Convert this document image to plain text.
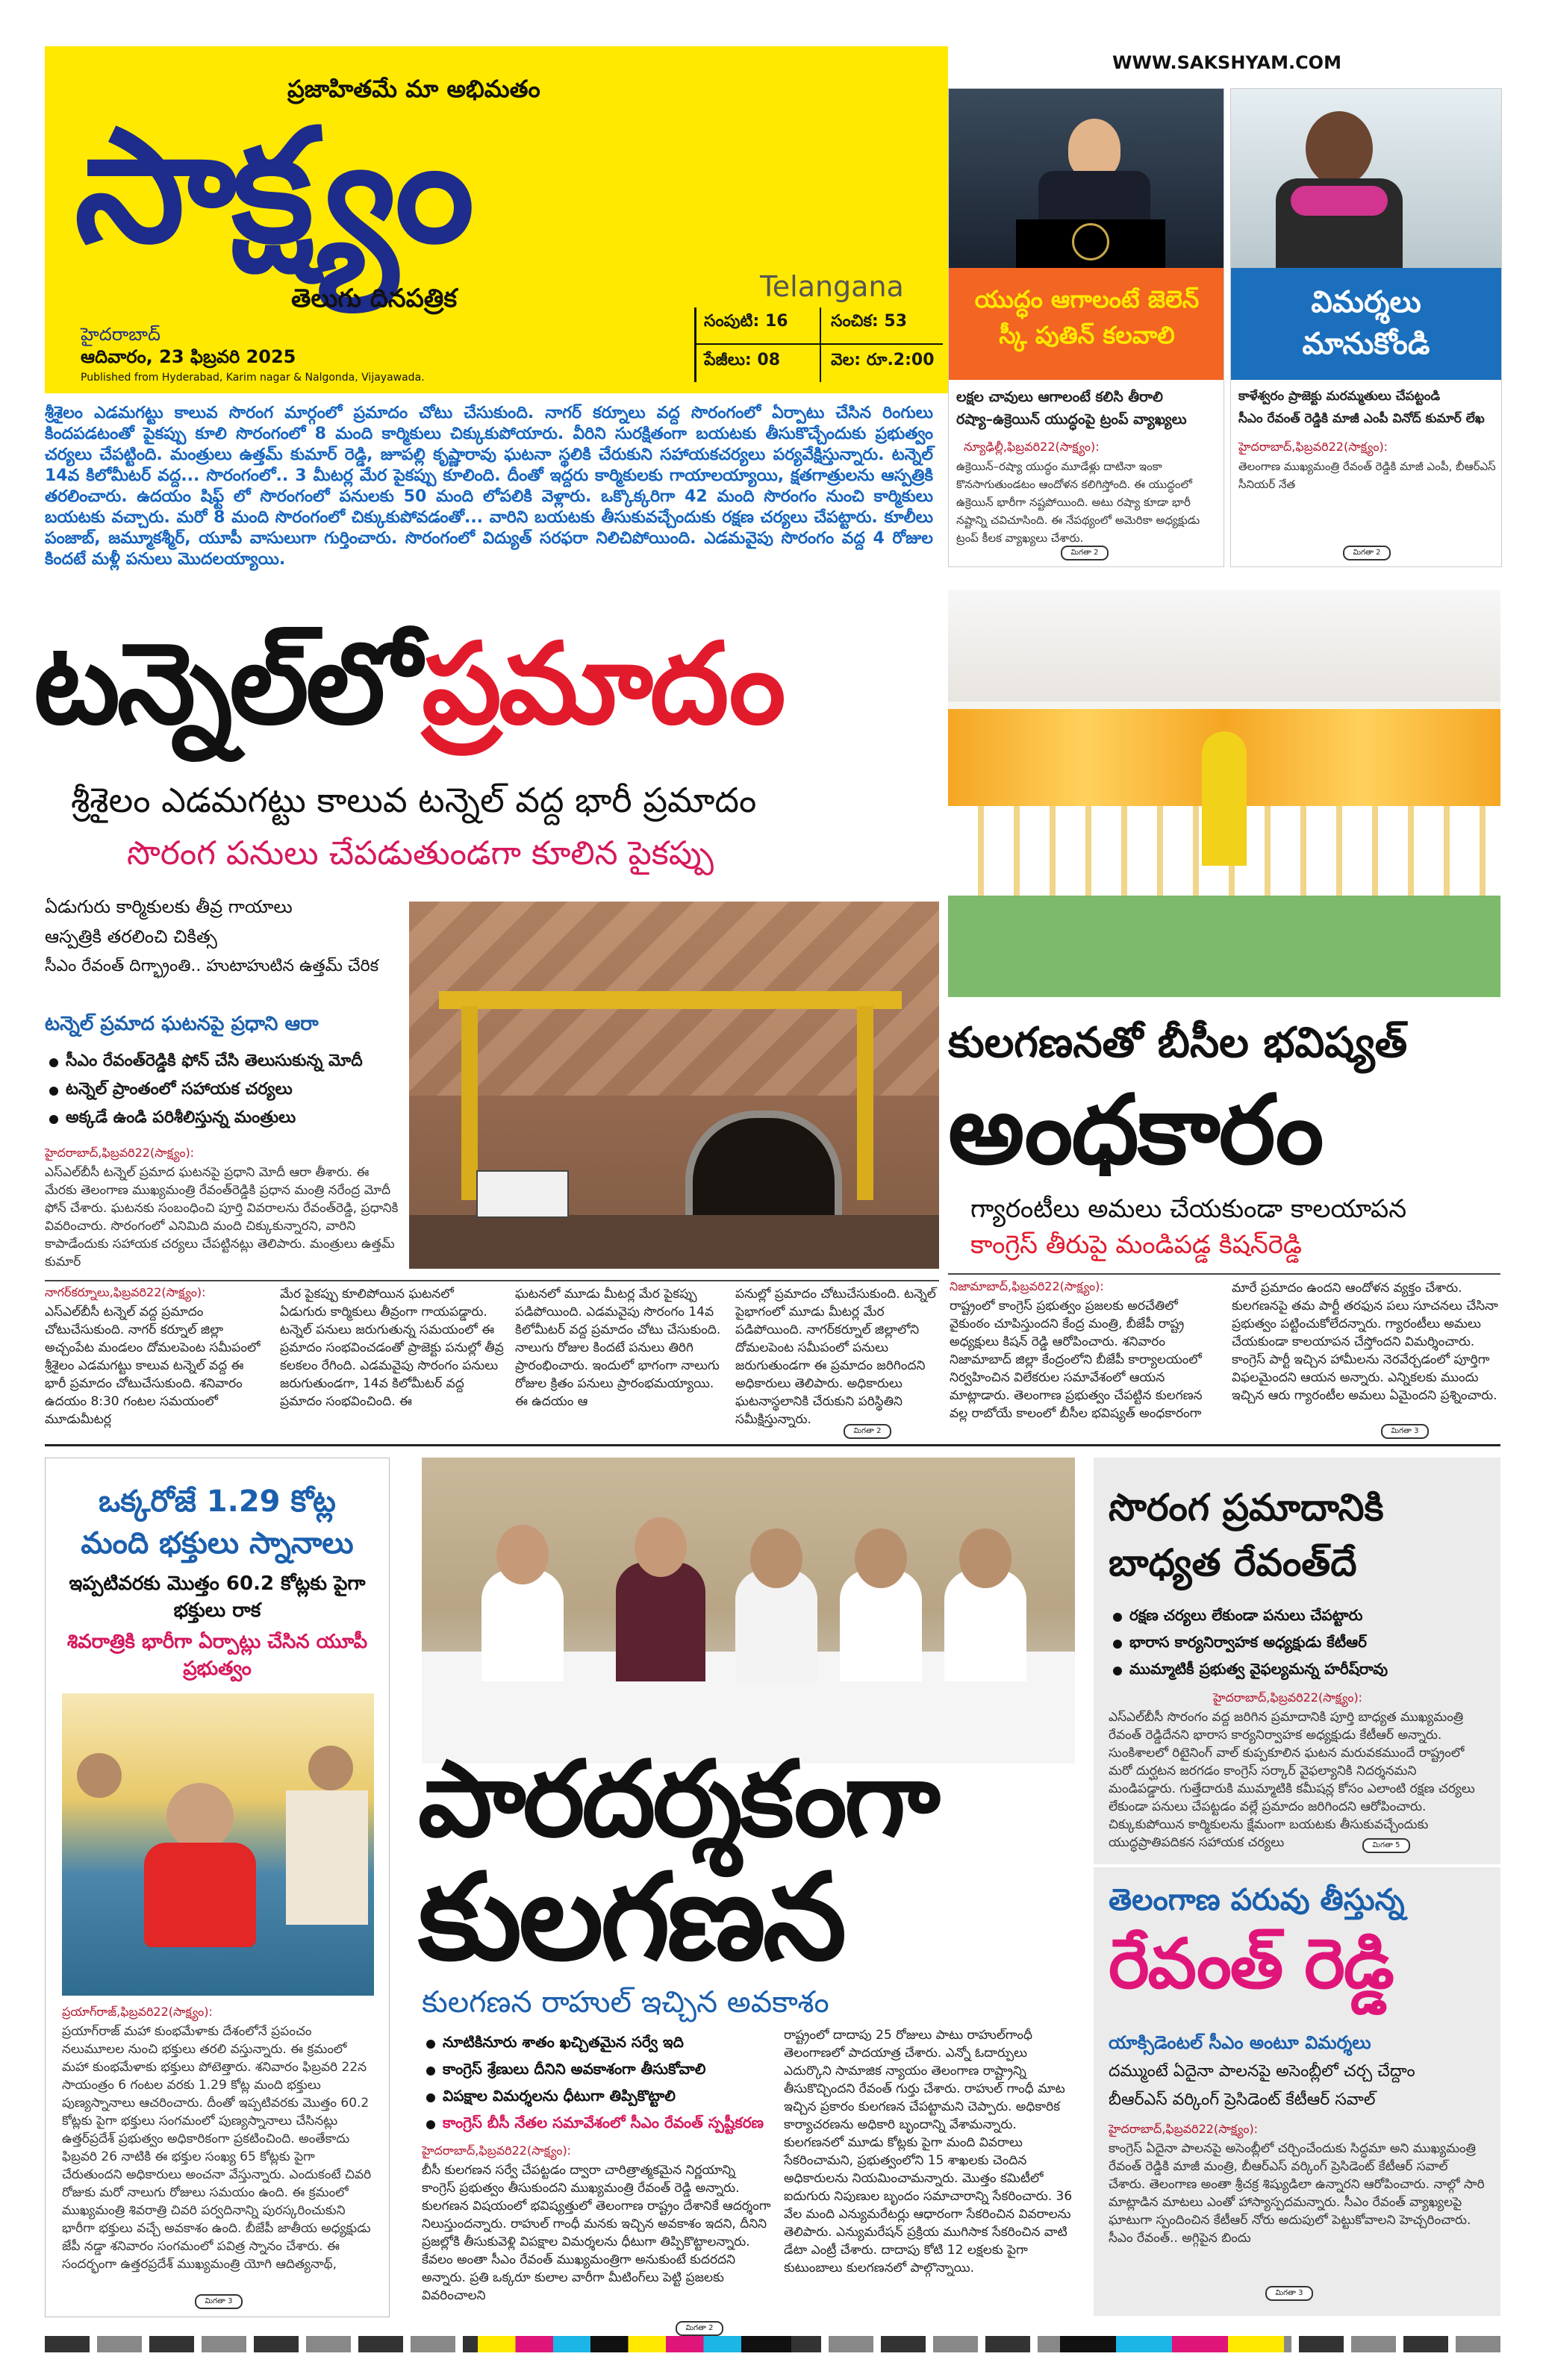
ప్రజాహితమే మా అభిమతం
సాక్ష్యం
తెలుగు దినపత్రిక	Telangana
హైదరాబాద్
ఆదివారం, 23 ఫిబ్రవరి 2025
Published from Hyderabad, Karim nagar & Nalgonda, Vijayawada.
సంపుటి: 16	సంచిక: 53
పేజీలు: 08	వెల: రూ.2:00
WWW.SAKSHYAM.COM
యుద్ధం ఆగాలంటే జెలెన్ స్కీ పుతిన్ కలవాలి
లక్షల చావులు ఆగాలంటే కలిసి తీరాలి
రష్యా–ఉక్రెయిన్ యుద్ధంపై ట్రంప్ వ్యాఖ్యలు
న్యూఢిల్లీ,ఫిబ్రవరి22(సాక్ష్యం):
ఉక్రెయిన్–రష్యా యుద్ధం మూడేళ్లు దాటినా ఇంకా కొనసాగుతుండటం ఆందోళన కలిగిస్తోంది. ఈ యుద్ధంలో ఉక్రెయిన్ భారీగా నష్టపోయింది. అటు రష్యా కూడా భారీ నష్టాన్ని చవిచూసింది. ఈ నేపథ్యంలో అమెరికా అధ్యక్షుడు ట్రంప్ కీలక వ్యాఖ్యలు చేశారు.
మిగతా 2
విమర్శలు మానుకోండి
కాళేశ్వరం ప్రాజెక్టు మరమ్మతులు చేపట్టండి
సీఎం రేవంత్ రెడ్డికి మాజీ ఎంపీ వినోద్ కుమార్ లేఖ
హైదరాబాద్,ఫిబ్రవరి22(సాక్ష్యం):
తెలంగాణ ముఖ్యమంత్రి రేవంత్ రెడ్డికి మాజీ ఎంపీ, బీఆర్ఎస్ సీనియర్ నేత
మిగతా 2
శ్రీశైలం ఎడమగట్టు కాలువ సొరంగ మార్గంలో ప్రమాదం చోటు చేసుకుంది. నాగర్ కర్నూలు వద్ద సొరంగంలో ఏర్పాటు చేసిన రింగులు కిందపడటంతో పైకప్పు కూలి సొరంగంలో 8 మంది కార్మికులు చిక్కుకుపోయారు. వీరిని సురక్షితంగా బయటకు తీసుకొచ్చేందుకు ప్రభుత్వం చర్యలు చేపట్టింది. మంత్రులు ఉత్తమ్ కుమార్ రెడ్డి, జూపల్లి కృష్ణారావు ఘటనా స్థలికి చేరుకుని సహాయకచర్యలు పర్యవేక్షిస్తున్నారు. టన్నెల్ 14వ కిలోమీటర్ వద్ద... సొరంగంలో.. 3 మీటర్ల మేర పైకప్పు కూలింది. దీంతో ఇద్దరు కార్మికులకు గాయాలయ్యాయి, క్షతగాత్రులను ఆస్పత్రికి తరలించారు. ఉదయం షిఫ్ట్ లో సొరంగంలో పనులకు 50 మంది లోపలికి వెళ్లారు. ఒక్కొక్కరిగా 42 మంది సొరంగం నుంచి కార్మికులు బయటకు వచ్చారు. మరో 8 మంది సొరంగంలో చిక్కుకుపోవడంతో... వారిని బయటకు తీసుకువచ్చేందుకు రక్షణ చర్యలు చేపట్టారు. కూలీలు పంజాబ్, జమ్మూకశ్మీర్, యూపీ వాసులుగా గుర్తించారు. సొరంగంలో విద్యుత్ సరఫరా నిలిచిపోయింది. ఎడమవైపు సొరంగం వద్ద 4 రోజుల కిందటే మళ్లీ పనులు మొదలయ్యాయి.
టన్నెల్‌లో ప్రమాదం
శ్రీశైలం ఎడమగట్టు కాలువ టన్నెల్ వద్ద భారీ ప్రమాదం
సొరంగ పనులు చేపడుతుండగా కూలిన పైకప్పు
ఏడుగురు కార్మికులకు తీవ్ర గాయాలు
ఆస్పత్రికి తరలించి చికిత్స
సీఎం రేవంత్ దిగ్భ్రాంతి.. హుటాహుటిన ఉత్తమ్ చేరిక
టన్నెల్ ప్రమాద ఘటనపై ప్రధాని ఆరా
సీఎం రేవంత్‌రెడ్డికి ఫోన్ చేసి తెలుసుకున్న మోదీ
టన్నెల్ ప్రాంతంలో సహాయక చర్యలు
అక్కడే ఉండి పరిశీలిస్తున్న మంత్రులు
హైదరాబాద్,ఫిబ్రవరి22(సాక్ష్యం):
ఎస్ఎల్‌బీసీ టన్నెల్ ప్రమాద ఘటనపై ప్రధాని మోదీ ఆరా తీశారు. ఈ మేరకు తెలంగాణ ముఖ్యమంత్రి రేవంత్‌రెడ్డికి ప్రధాన మంత్రి నరేంద్ర మోదీ ఫోన్ చేశారు. ఘటనకు సంబంధించి పూర్తి వివరాలను రేవంత్‌రెడ్డి, ప్రధానికి వివరించారు. సొరంగంలో ఎనిమిది మంది చిక్కుకున్నారని, వారిని కాపాడేందుకు సహాయక చర్యలు చేపట్టినట్లు తెలిపారు. మంత్రులు ఉత్తమ్ కుమార్
నాగర్‌కర్నూలు,ఫిబ్రవరి22(సాక్ష్యం):
ఎస్ఎల్‌బీసీ టన్నెల్ వద్ద ప్రమాదం చోటుచేసుకుంది. నాగర్ కర్నూల్ జిల్లా అచ్చంపేట మండలం దోమలపెంట సమీపంలో శ్రీశైలం ఎడమగట్టు కాలువ టన్నెల్ వద్ద ఈ భారీ ప్రమాదం చోటుచేసుకుంది. శనివారం ఉదయం 8:30 గంటల సమయంలో మూడుమీటర్ల
మేర పైకప్పు కూలిపోయిన ఘటనలో ఏడుగురు కార్మికులు తీవ్రంగా గాయపడ్డారు. టన్నెల్ పనులు జరుగుతున్న సమయంలో ఈ ప్రమాదం సంభవించడంతో ప్రాజెక్టు పనుల్లో తీవ్ర కలకలం రేగింది. ఎడమవైపు సొరంగం పనులు జరుగుతుండగా, 14వ కిలోమీటర్ వద్ద ప్రమాదం సంభవించింది. ఈ
ఘటనలో మూడు మీటర్ల మేర పైకప్పు పడిపోయింది. ఎడమవైపు సొరంగం 14వ కిలోమీటర్ వద్ద ప్రమాదం చోటు చేసుకుంది. నాలుగు రోజుల కిందటే పనులు తిరిగి ప్రారంభించారు. ఇందులో భాగంగా నాలుగు రోజుల క్రితం పనులు ప్రారంభమయ్యాయి. ఈ ఉదయం ఆ
పనుల్లో ప్రమాదం చోటుచేసుకుంది. టన్నెల్ పైభాగంలో మూడు మీటర్ల మేర పడిపోయింది. నాగర్‌కర్నూల్ జిల్లాలోని దోమలపెంట సమీపంలో పనులు జరుగుతుండగా ఈ ప్రమాదం జరిగిందని అధికారులు తెలిపారు. అధికారులు ఘటనాస్థలానికి చేరుకుని పరిస్థితిని సమీక్షిస్తున్నారు.
మిగతా 2
కులగణనతో బీసీల భవిష్యత్
అంధకారం
గ్యారంటీలు అమలు చేయకుండా కాలయాపన
కాంగ్రెస్ తీరుపై మండిపడ్డ కిషన్‌రెడ్డి
నిజామాబాద్,ఫిబ్రవరి22(సాక్ష్యం):
రాష్ట్రంలో కాంగ్రెస్ ప్రభుత్వం ప్రజలకు అరచేతిలో వైకుంఠం చూపిస్తుందని కేంద్ర మంత్రి, బీజేపీ రాష్ట్ర అధ్యక్షులు కిషన్ రెడ్డి ఆరోపించారు. శనివారం నిజామాబాద్ జిల్లా కేంద్రంలోని బీజేపీ కార్యాలయంలో నిర్వహించిన విలేకరుల సమావేశంలో ఆయన మాట్లాడారు. తెలంగాణ ప్రభుత్వం చేపట్టిన కులగణన వల్ల రాబోయే కాలంలో బీసీల భవిష్యత్ అంధకారంగా
మారే ప్రమాదం ఉందని ఆందోళన వ్యక్తం చేశారు. కులగణనపై తమ పార్టీ తరఫున పలు సూచనలు చేసినా ప్రభుత్వం పట్టించుకోలేదన్నారు. గ్యారంటీలు అమలు చేయకుండా కాలయాపన చేస్తోందని విమర్శించారు. కాంగ్రెస్ పార్టీ ఇచ్చిన హామీలను నెరవేర్చడంలో పూర్తిగా విఫలమైందని ఆయన అన్నారు. ఎన్నికలకు ముందు ఇచ్చిన ఆరు గ్యారంటీల అమలు ఏమైందని ప్రశ్నించారు.
మిగతా 3
ఒక్కరోజే 1.29 కోట్ల మంది భక్తులు స్నానాలు
ఇప్పటివరకు మొత్తం 60.2 కోట్లకు పైగా భక్తులు రాక
శివరాత్రికి భారీగా ఏర్పాట్లు చేసిన యూపీ ప్రభుత్వం
ప్రయాగ్‌రాజ్,ఫిబ్రవరి22(సాక్ష్యం):
ప్రయాగ్‌రాజ్ మహా కుంభమేళాకు దేశంలోనే ప్రపంచం నలుమూలల నుంచి భక్తులు తరలి వస్తున్నారు. ఈ క్రమంలో మహా కుంభమేళాకు భక్తులు పోటెత్తారు. శనివారం ఫిబ్రవరి 22న సాయంత్రం 6 గంటల వరకు 1.29 కోట్ల మంది భక్తులు పుణ్యస్నానాలు ఆచరించారు. దీంతో ఇప్పటివరకు మొత్తం 60.2 కోట్లకు పైగా భక్తులు సంగమంలో పుణ్యస్నానాలు చేసినట్లు ఉత్తర్‌ప్రదేశ్ ప్రభుత్వం అధికారికంగా ప్రకటించింది. అంతేకాదు ఫిబ్రవరి 26 నాటికి ఈ భక్తుల సంఖ్య 65 కోట్లకు పైగా చేరుతుందని అధికారులు అంచనా వేస్తున్నారు. ఎందుకంటే చివరి రోజుకు మరో నాలుగు రోజులు సమయం ఉంది. ఈ క్రమంలో ముఖ్యమంత్రి శివరాత్రి చివరి పర్వదినాన్ని పురస్కరించుకుని భారీగా భక్తులు వచ్చే అవకాశం ఉంది. బీజేపీ జాతీయ అధ్యక్షుడు జేపీ నడ్డా శనివారం సంగమంలో పవిత్ర స్నానం చేశారు. ఈ సందర్భంగా ఉత్తరప్రదేశ్ ముఖ్యమంత్రి యోగి ఆదిత్యనాథ్,
మిగతా 3
పారదర్శకంగా
కులగణన
కులగణన రాహుల్ ఇచ్చిన అవకాశం
నూటికినూరు శాతం ఖచ్చితమైన సర్వే ఇది
కాంగ్రెస్ శ్రేణులు దీనిని అవకాశంగా తీసుకోవాలి
విపక్షాల విమర్శలను ధీటుగా తిప్పికొట్టాలి
కాంగ్రెస్ బీసీ నేతల సమావేశంలో సీఎం రేవంత్ స్పష్టీకరణ
హైదరాబాద్,ఫిబ్రవరి22(సాక్ష్యం):
బీసీ కులగణన సర్వే చేపట్టడం ద్వారా చారిత్రాత్మకమైన నిర్ణయాన్ని కాంగ్రెస్ ప్రభుత్వం తీసుకుందని ముఖ్యమంత్రి రేవంత్ రెడ్డి అన్నారు. కులగణన విషయంలో భవిష్యత్తులో తెలంగాణ రాష్ట్రం దేశానికే ఆదర్శంగా నిలుస్తుందన్నారు. రాహుల్ గాంధీ మనకు ఇచ్చిన అవకాశం ఇదని, దీనిని ప్రజల్లోకి తీసుకువెళ్లి విపక్షాల విమర్శలను ధీటుగా తిప్పికొట్టాలన్నారు. కేవలం అంతా సీఎం రేవంత్ ముఖ్యమంత్రిగా అనుకుంటే కుదరదని అన్నారు. ప్రతి ఒక్కరూ కులాల వారీగా మీటింగ్‌లు పెట్టి ప్రజలకు వివరించాలని
మిగతా 2
రాష్ట్రంలో దాదాపు 25 రోజులు పాటు రాహుల్‌గాంధీ తెలంగాణలో పాదయాత్ర చేశారు. ఎన్నో ఓదార్పులు ఎదుర్కొని సామాజిక న్యాయం తెలంగాణ రాష్ట్రాన్ని తీసుకొచ్చిందని రేవంత్ గుర్తు చేశారు. రాహుల్ గాంధీ మాట ఇచ్చిన ప్రకారం కులగణన చేపట్టామని చెప్పారు. అధికారిక కార్యాచరణను అధికారి బృందాన్ని వేశామన్నారు. కులగణనలో మూడు కోట్లకు పైగా మంది వివరాలు సేకరించామని, ప్రభుత్వంలోని 15 శాఖలకు చెందిన అధికారులను నియమించామన్నారు. మొత్తం కమిటీలో ఐదుగురు నిపుణుల బృందం సమాచారాన్ని సేకరించారు. 36 వేల మంది ఎన్యుమరేటర్లు ఆధారంగా సేకరించిన వివరాలను తెలిపారు. ఎన్యుమరేషన్ ప్రక్రియ ముగిసాక సేకరించిన వాటి డేటా ఎంట్రీ చేశారు. దాదాపు కోటి 12 లక్షలకు పైగా కుటుంబాలు కులగణనలో పాల్గొన్నాయి.
సొరంగ ప్రమాదానికి బాధ్యత రేవంత్‌దే
రక్షణ చర్యలు లేకుండా పనులు చేపట్టారు
భారాస కార్యనిర్వాహక అధ్యక్షుడు కేటీఆర్
ముమ్మాటికీ ప్రభుత్వ వైఫల్యమన్న హరీష్‌రావు
హైదరాబాద్,ఫిబ్రవరి22(సాక్ష్యం):
ఎస్‌ఎల్‌బీసీ సొరంగం వద్ద జరిగిన ప్రమాదానికి పూర్తి బాధ్యత ముఖ్యమంత్రి రేవంత్ రెడ్డిదేనని భారాస కార్యనిర్వాహక అధ్యక్షుడు కేటీఆర్ అన్నారు. సుంకిశాలలో రిటైనింగ్ వాల్ కుప్పకూలిన ఘటన మరువకముందే రాష్ట్రంలో మరో దుర్ఘటన జరగడం కాంగ్రెస్ సర్కార్ వైఫల్యానికి నిదర్శనమని మండిపడ్డారు. గుత్తేదారుకి ముమ్మాటికి కమీషన్ల కోసం ఎలాంటి రక్షణ చర్యలు లేకుండా పనులు చేపట్టడం వల్లే ప్రమాదం జరిగిందని ఆరోపించారు. చిక్కుకుపోయిన కార్మికులను క్షేమంగా బయటకు తీసుకువచ్చేందుకు యుద్ధప్రాతిపదికన సహాయక చర్యలు	మిగతా 5
తెలంగాణ పరువు తీస్తున్న
రేవంత్ రెడ్డి
యాక్సిడెంటల్ సీఎం అంటూ విమర్శలు
దమ్ముంటే ఏదైనా పాలనపై అసెంబ్లీలో చర్చ చేద్దాం
బీఆర్ఎస్ వర్కింగ్ ప్రెసిడెంట్ కేటీఆర్ సవాల్
హైదరాబాద్,ఫిబ్రవరి22(సాక్ష్యం):
కాంగ్రెస్ ఏదైనా పాలనపై అసెంబ్లీలో చర్చించేందుకు సిద్ధమా అని ముఖ్యమంత్రి రేవంత్ రెడ్డికి మాజీ మంత్రి, బీఆర్ఎస్ వర్కింగ్ ప్రెసిడెంట్ కేటీఆర్ సవాల్ చేశారు. తెలంగాణ అంతా శ్రీచక్ర శిష్యుడిలా ఉన్నారని ఆరోపించారు. నాల్గో సారి మాట్లాడిన మాటలు ఎంతో హాస్యాస్పదమన్నారు. సీఎం రేవంత్ వ్యాఖ్యలపై ఘాటుగా స్పందించిన కేటీఆర్ నోరు అదుపులో పెట్టుకోవాలని హెచ్చరించారు. సీఎం రేవంత్.. అగ్గిపైన బిందు
మిగతా 3
